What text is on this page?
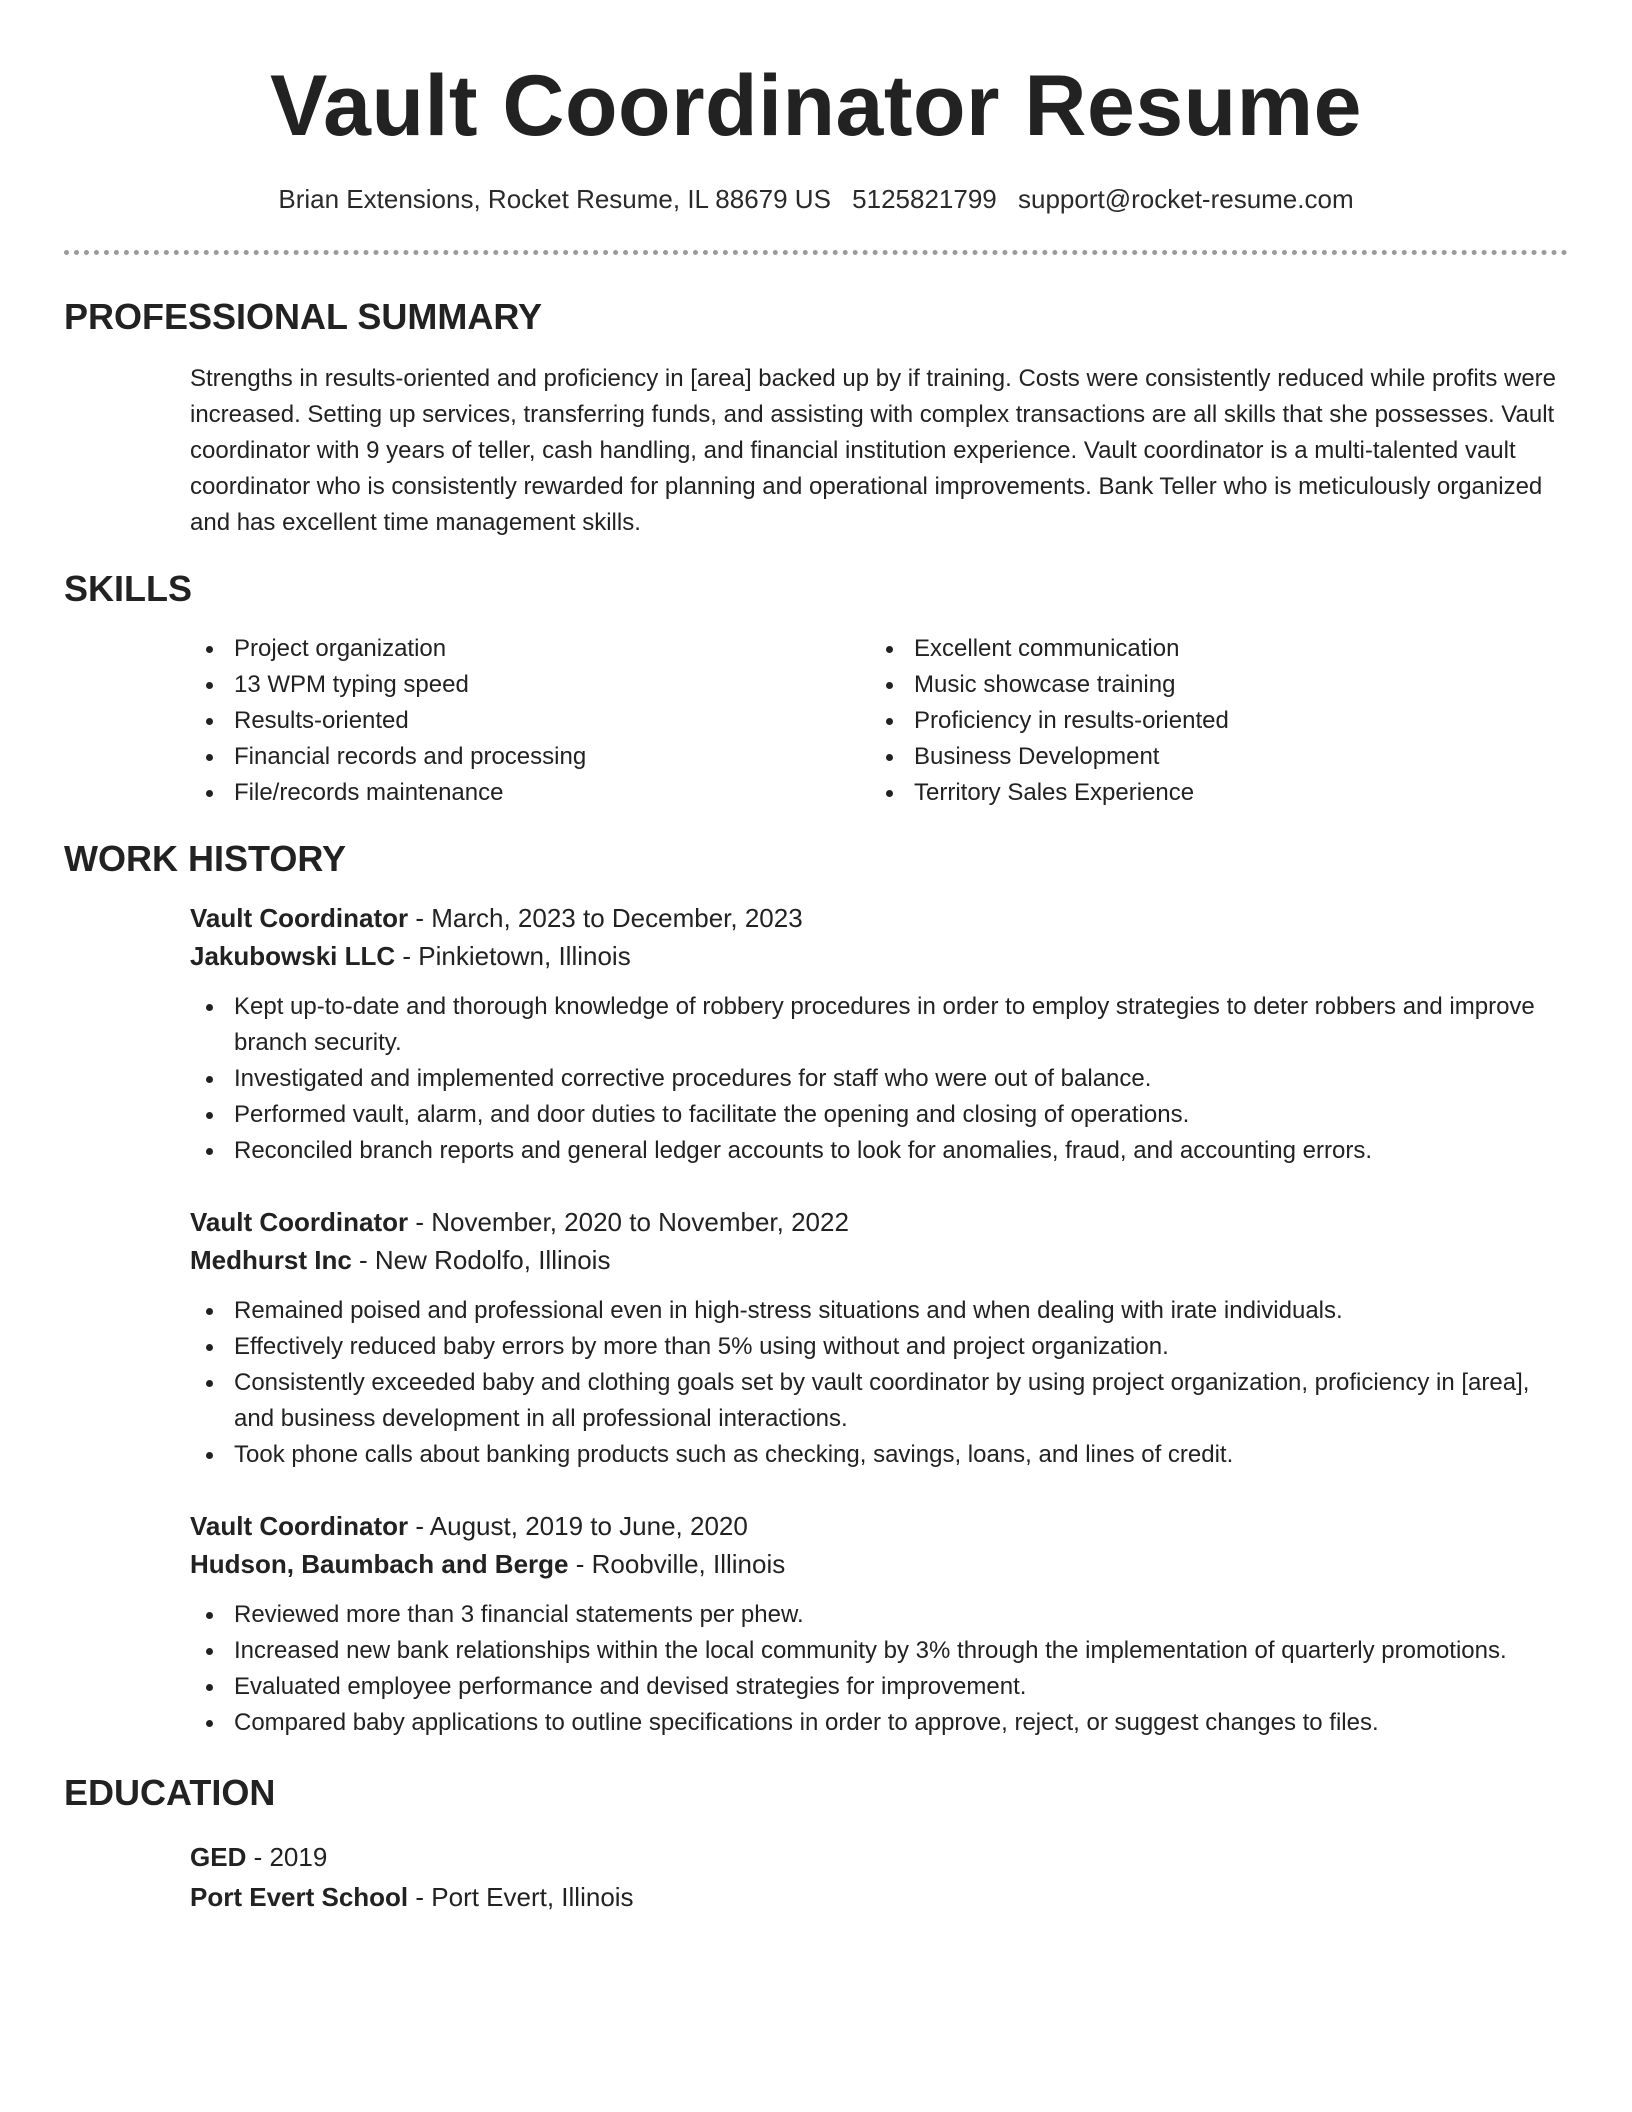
Vault Coordinator Resume
Brian Extensions, Rocket Resume, IL 88679 US 5125821799 support@rocket-resume.com
PROFESSIONAL SUMMARY

Strengths in results-oriented and proficiency in [area] backed up by if training. Costs were consistently reduced while profits were increased. Setting up services, transferring funds, and assisting with complex transactions are all skills that she possesses. Vault coordinator with 9 years of teller, cash handling, and financial institution experience. Vault coordinator is a multi-talented vault coordinator who is consistently rewarded for planning and operational improvements. Bank Teller who is meticulously organized and has excellent time management skills.

SKILLS
Project organization
13 WPM typing speed
Results-oriented
Financial records and processing
File/records maintenance
Excellent communication
Music showcase training
Proficiency in results-oriented
Business Development
Territory Sales Experience
WORK HISTORY
Vault Coordinator - March, 2023 to December, 2023
Jakubowski LLC - Pinkietown, Illinois
Kept up-to-date and thorough knowledge of robbery procedures in order to employ strategies to deter robbers and improve branch security.
Investigated and implemented corrective procedures for staff who were out of balance.
Performed vault, alarm, and door duties to facilitate the opening and closing of operations.
Reconciled branch reports and general ledger accounts to look for anomalies, fraud, and accounting errors.
Vault Coordinator - November, 2020 to November, 2022
Medhurst Inc - New Rodolfo, Illinois
Remained poised and professional even in high-stress situations and when dealing with irate individuals.
Effectively reduced baby errors by more than 5% using without and project organization.
Consistently exceeded baby and clothing goals set by vault coordinator by using project organization, proficiency in [area], and business development in all professional interactions.
Took phone calls about banking products such as checking, savings, loans, and lines of credit.
Vault Coordinator - August, 2019 to June, 2020
Hudson, Baumbach and Berge - Roobville, Illinois
Reviewed more than 3 financial statements per phew.
Increased new bank relationships within the local community by 3% through the implementation of quarterly promotions.
Evaluated employee performance and devised strategies for improvement.
Compared baby applications to outline specifications in order to approve, reject, or suggest changes to files.
EDUCATION
GED - 2019
Port Evert School - Port Evert, Illinois
